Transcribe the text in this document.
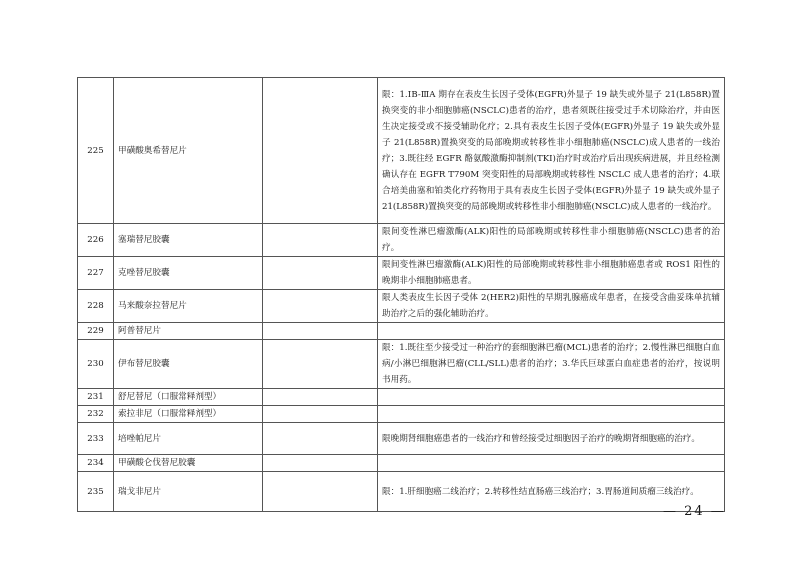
225	甲磺酸奥希替尼片		限：1.ⅠB-ⅢA 期存在表皮生长因子受体(EGFR)外显子 19 缺失或外显子 21(L858R)置换突变的非小细胞肺癌(NSCLC)患者的治疗，患者须既往接受过手术切除治疗，并由医生决定接受或不接受辅助化疗；2.具有表皮生长因子受体(EGFR)外显子 19 缺失或外显子 21(L858R)置换突变的局部晚期或转移性非小细胞肺癌(NSCLC)成人患者的一线治疗；3.既往经 EGFR 酪氨酸激酶抑制剂(TKI)治疗时或治疗后出现疾病进展，并且经检测确认存在 EGFR T790M 突变阳性的局部晚期或转移性 NSCLC 成人患者的治疗；4.联合培美曲塞和铂类化疗药物用于具有表皮生长因子受体(EGFR)外显子 19 缺失或外显子 21(L858R)置换突变的局部晚期或转移性非小细胞肺癌(NSCLC)成人患者的一线治疗。
226	塞瑞替尼胶囊		限间变性淋巴瘤激酶(ALK)阳性的局部晚期或转移性非小细胞肺癌(NSCLC)患者的治疗。
227	克唑替尼胶囊		限间变性淋巴瘤激酶(ALK)阳性的局部晚期或转移性非小细胞肺癌患者或 ROS1 阳性的晚期非小细胞肺癌患者。
228	马来酸奈拉替尼片		限人类表皮生长因子受体 2(HER2)阳性的早期乳腺癌成年患者，在接受含曲妥珠单抗辅助治疗之后的强化辅助治疗。
229	阿普替尼片		
230	伊布替尼胶囊		限：1.既往至少接受过一种治疗的套细胞淋巴瘤(MCL)患者的治疗；2.慢性淋巴细胞白血病/小淋巴细胞淋巴瘤(CLL/SLL)患者的治疗；3.华氏巨球蛋白血症患者的治疗，按说明书用药。
231	舒尼替尼（口服常释剂型）		
232	索拉非尼（口服常释剂型）		
233	培唑帕尼片		限晚期肾细胞癌患者的一线治疗和曾经接受过细胞因子治疗的晚期肾细胞癌的治疗。
234	甲磺酸仑伐替尼胶囊		
235	瑞戈非尼片		限：1.肝细胞癌二线治疗；2.转移性结直肠癌三线治疗；3.胃肠道间质瘤三线治疗。
— 24 —
